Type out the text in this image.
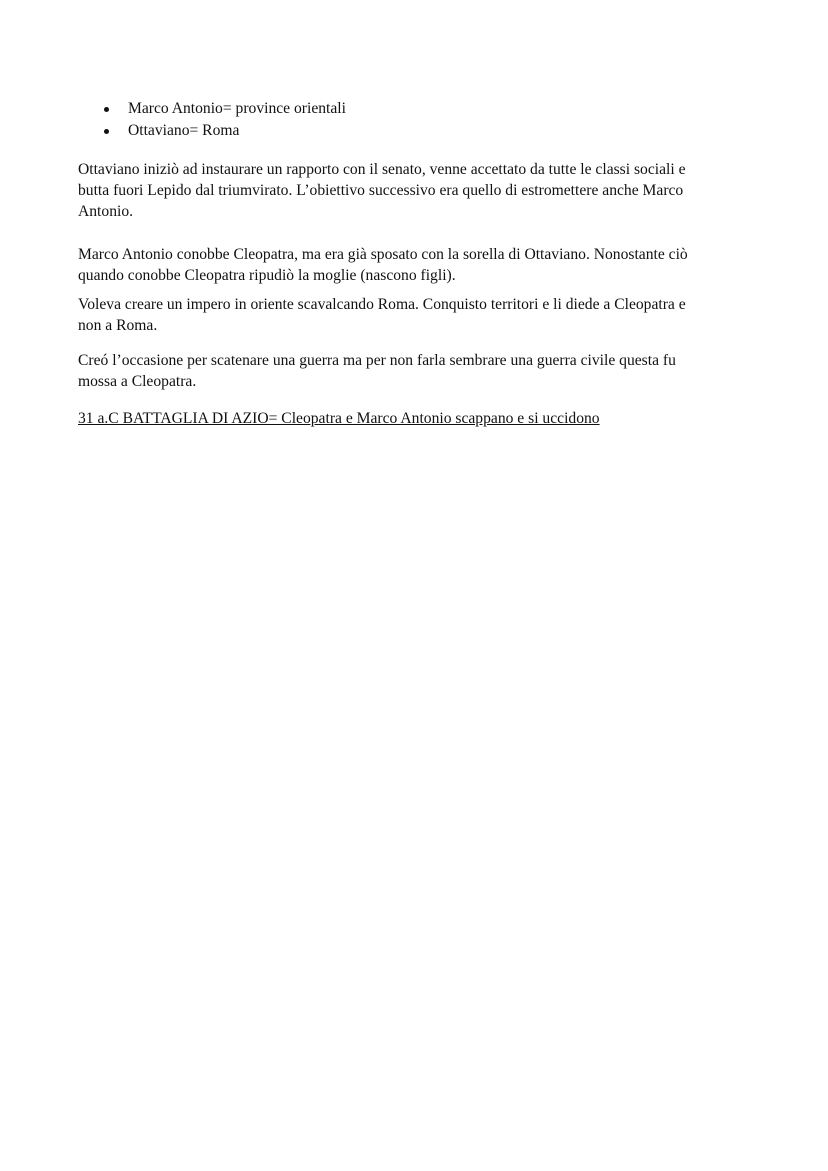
Marco Antonio= province orientali
Ottaviano= Roma

Ottaviano iniziò ad instaurare un rapporto con il senato, venne accettato da tutte le classi sociali e
butta fuori Lepido dal triumvirato. L’obiettivo successivo era quello di estromettere anche Marco
Antonio.

Marco Antonio conobbe Cleopatra, ma era già sposato con la sorella di Ottaviano. Nonostante ciò
quando conobbe Cleopatra ripudiò la moglie (nascono figli).

Voleva creare un impero in oriente scavalcando Roma. Conquisto territori e li diede a Cleopatra e
non a Roma.

Creó l’occasione per scatenare una guerra ma per non farla sembrare una guerra civile questa fu
mossa a Cleopatra.

31 a.C BATTAGLIA DI AZIO= Cleopatra e Marco Antonio scappano e si uccidono
